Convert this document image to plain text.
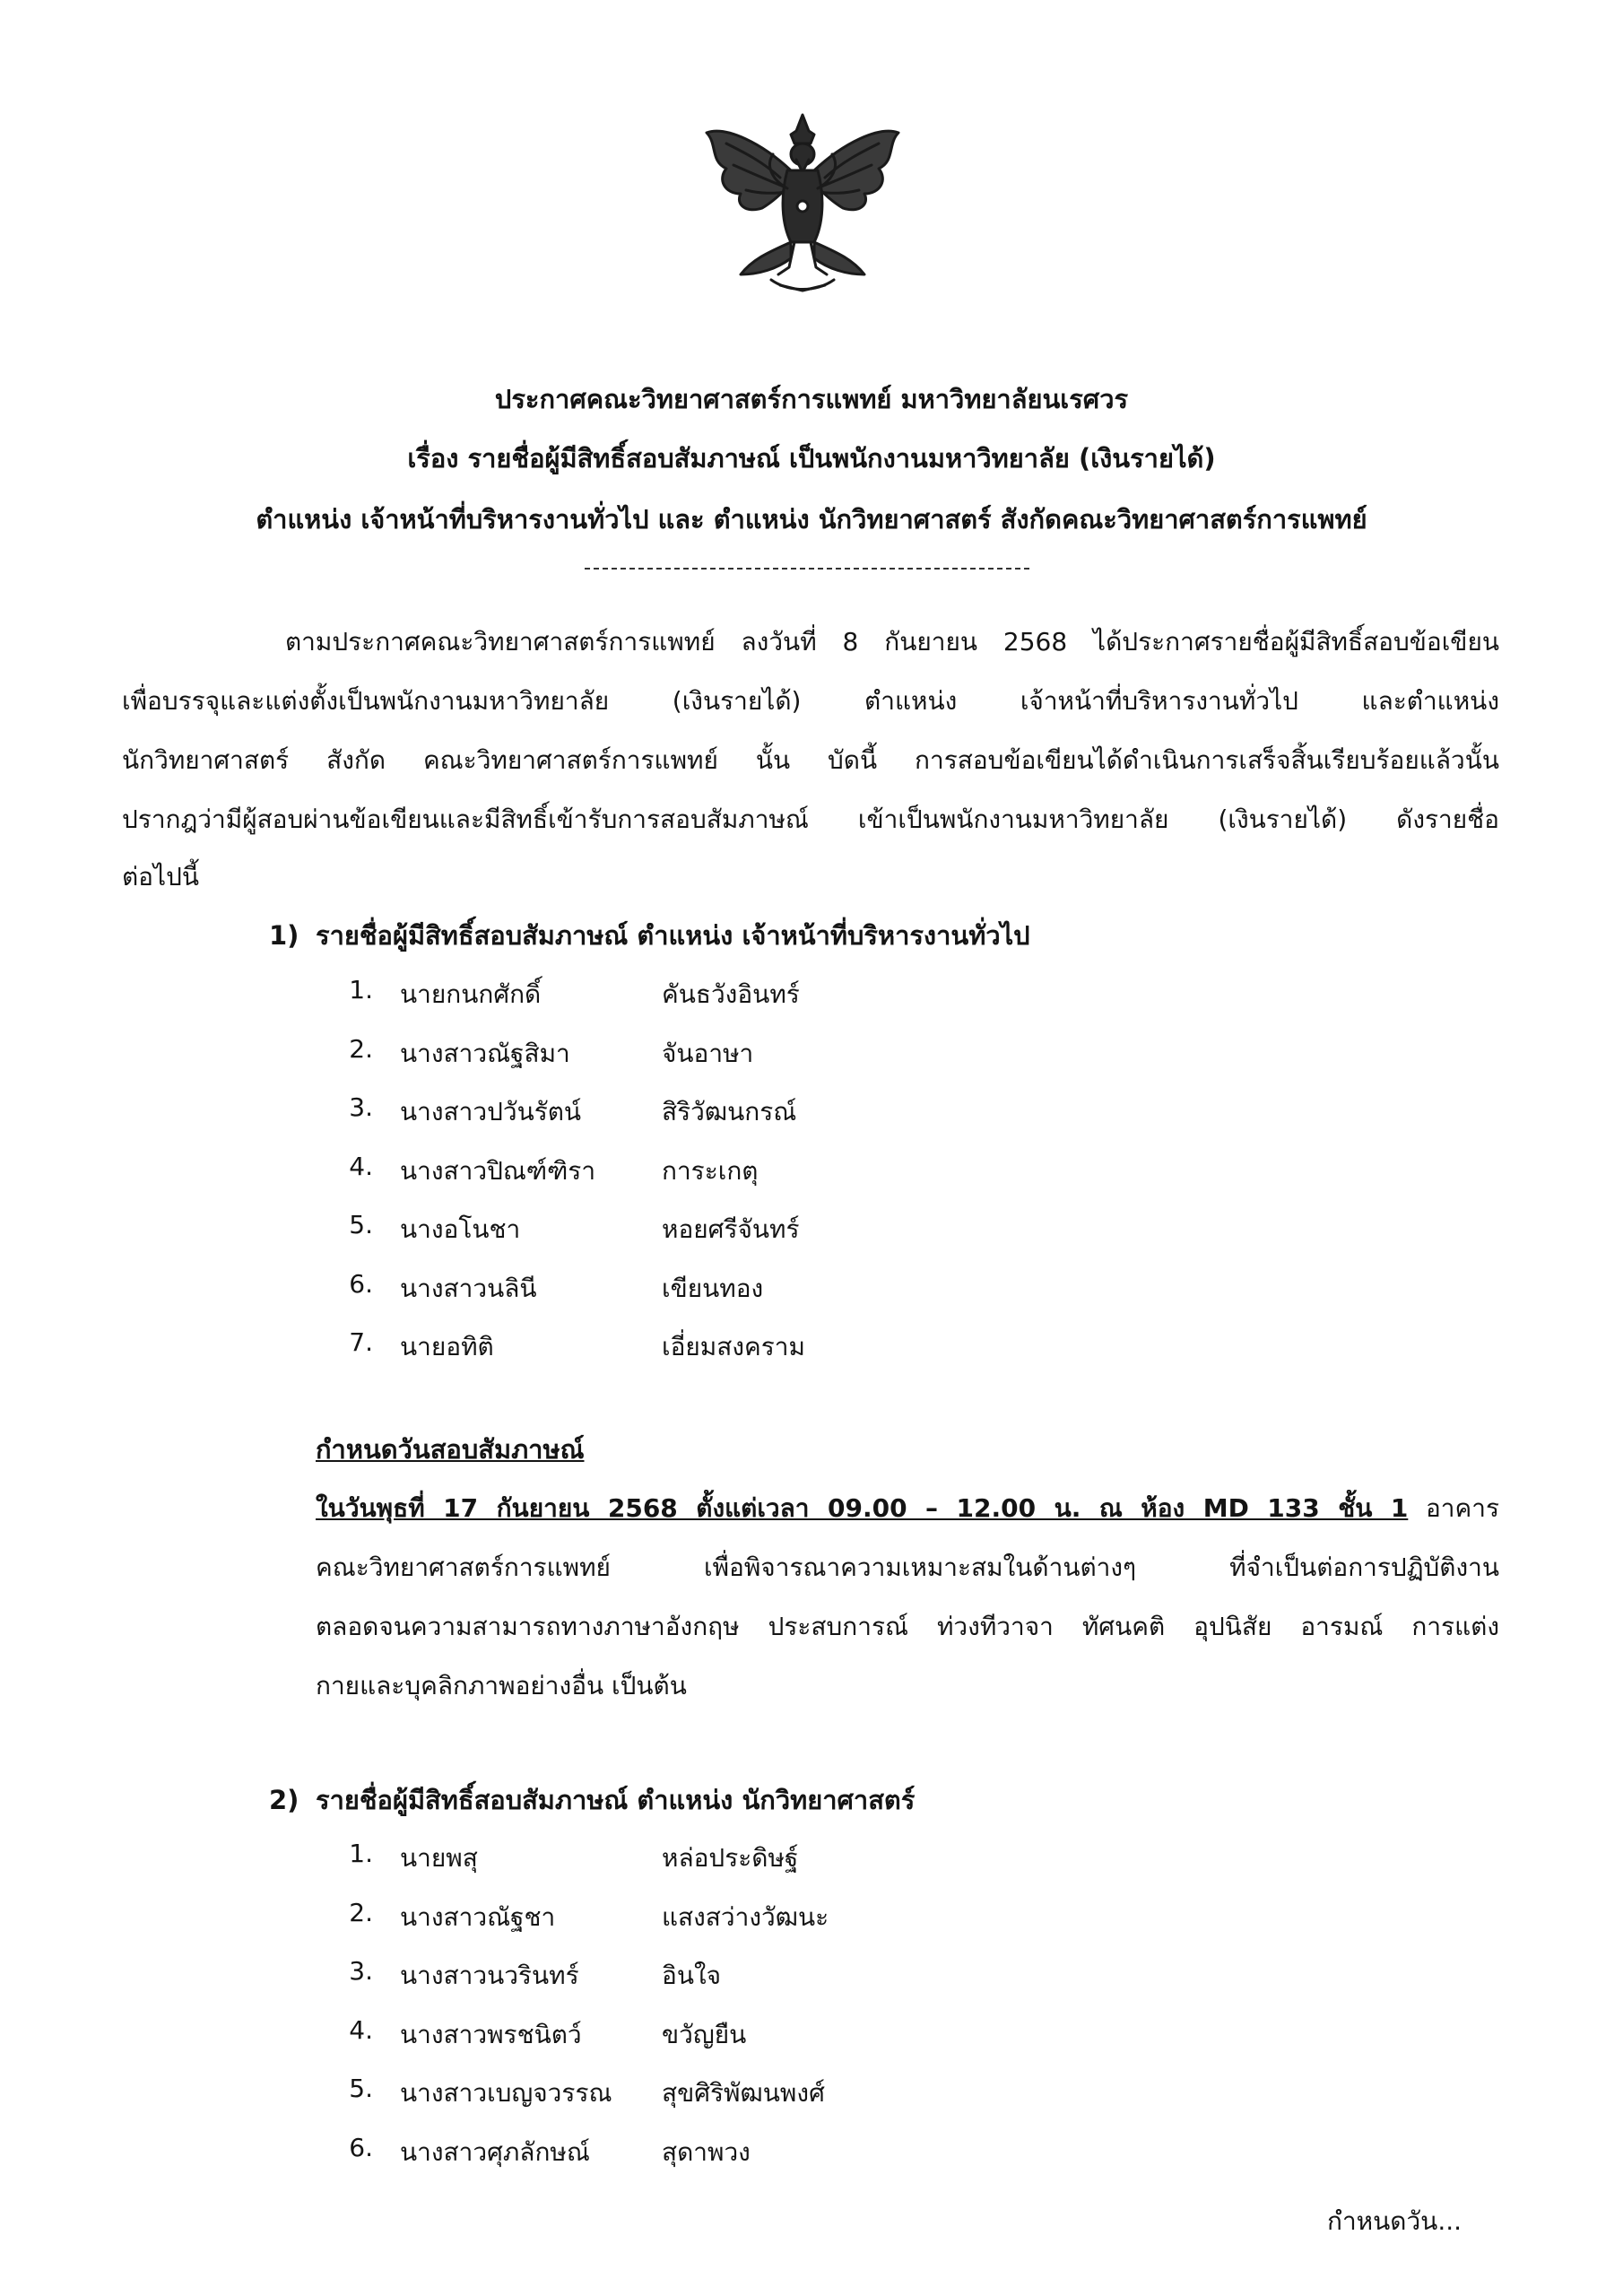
ประกาศคณะวิทยาศาสตร์การแพทย์ มหาวิทยาลัยนเรศวร
เรื่อง รายชื่อผู้มีสิทธิ์สอบสัมภาษณ์ เป็นพนักงานมหาวิทยาลัย (เงินรายได้)
ตำแหน่ง เจ้าหน้าที่บริหารงานทั่วไป และ ตำแหน่ง นักวิทยาศาสตร์ สังกัดคณะวิทยาศาสตร์การแพทย์
ตามประกาศคณะวิทยาศาสตร์การแพทย์ ลงวันที่ 8 กันยายน 2568 ได้ประกาศรายชื่อผู้มีสิทธิ์สอบข้อเขียน
เพื่อบรรจุและแต่งตั้งเป็นพนักงานมหาวิทยาลัย (เงินรายได้) ตำแหน่ง เจ้าหน้าที่บริหารงานทั่วไป และตำแหน่ง
นักวิทยาศาสตร์ สังกัด คณะวิทยาศาสตร์การแพทย์ นั้น บัดนี้ การสอบข้อเขียนได้ดำเนินการเสร็จสิ้นเรียบร้อยแล้วนั้น
ปรากฎว่ามีผู้สอบผ่านข้อเขียนและมีสิทธิ์เข้ารับการสอบสัมภาษณ์ เข้าเป็นพนักงานมหาวิทยาลัย (เงินรายได้) ดังรายชื่อ
ต่อไปนี้
1) รายชื่อผู้มีสิทธิ์สอบสัมภาษณ์ ตำแหน่ง เจ้าหน้าที่บริหารงานทั่วไป
1. นายกนกศักดิ์	คันธวังอินทร์
2. นางสาวณัฐสิมา	จันอาษา
3. นางสาวปวันรัตน์	สิริวัฒนกรณ์
4. นางสาวปิณฑ์ฑิรา	การะเกตุ
5. นางอโนชา	หอยศรีจันทร์
6. นางสาวนลินี	เขียนทอง
7. นายอทิติ	เอี่ยมสงคราม
กำหนดวันสอบสัมภาษณ์
ในวันพุธที่ 17 กันยายน 2568 ตั้งแต่เวลา 09.00 – 12.00 น. ณ ห้อง MD 133 ชั้น 1 อาคาร
คณะวิทยาศาสตร์การแพทย์ เพื่อพิจารณาความเหมาะสมในด้านต่างๆ ที่จำเป็นต่อการปฏิบัติงาน
ตลอดจนความสามารถทางภาษาอังกฤษ ประสบการณ์ ท่วงทีวาจา ทัศนคติ อุปนิสัย อารมณ์ การแต่ง
กายและบุคลิกภาพอย่างอื่น เป็นต้น
2) รายชื่อผู้มีสิทธิ์สอบสัมภาษณ์ ตำแหน่ง นักวิทยาศาสตร์
1. นายพสุ	หล่อประดิษฐ์
2. นางสาวณัฐชา	แสงสว่างวัฒนะ
3. นางสาวนวรินทร์	อินใจ
4. นางสาวพรชนิตว์	ขวัญยืน
5. นางสาวเบญจวรรณ สุขศิริพัฒนพงศ์
6. นางสาวศุภลักษณ์	สุดาพวง
กำหนดวัน...
